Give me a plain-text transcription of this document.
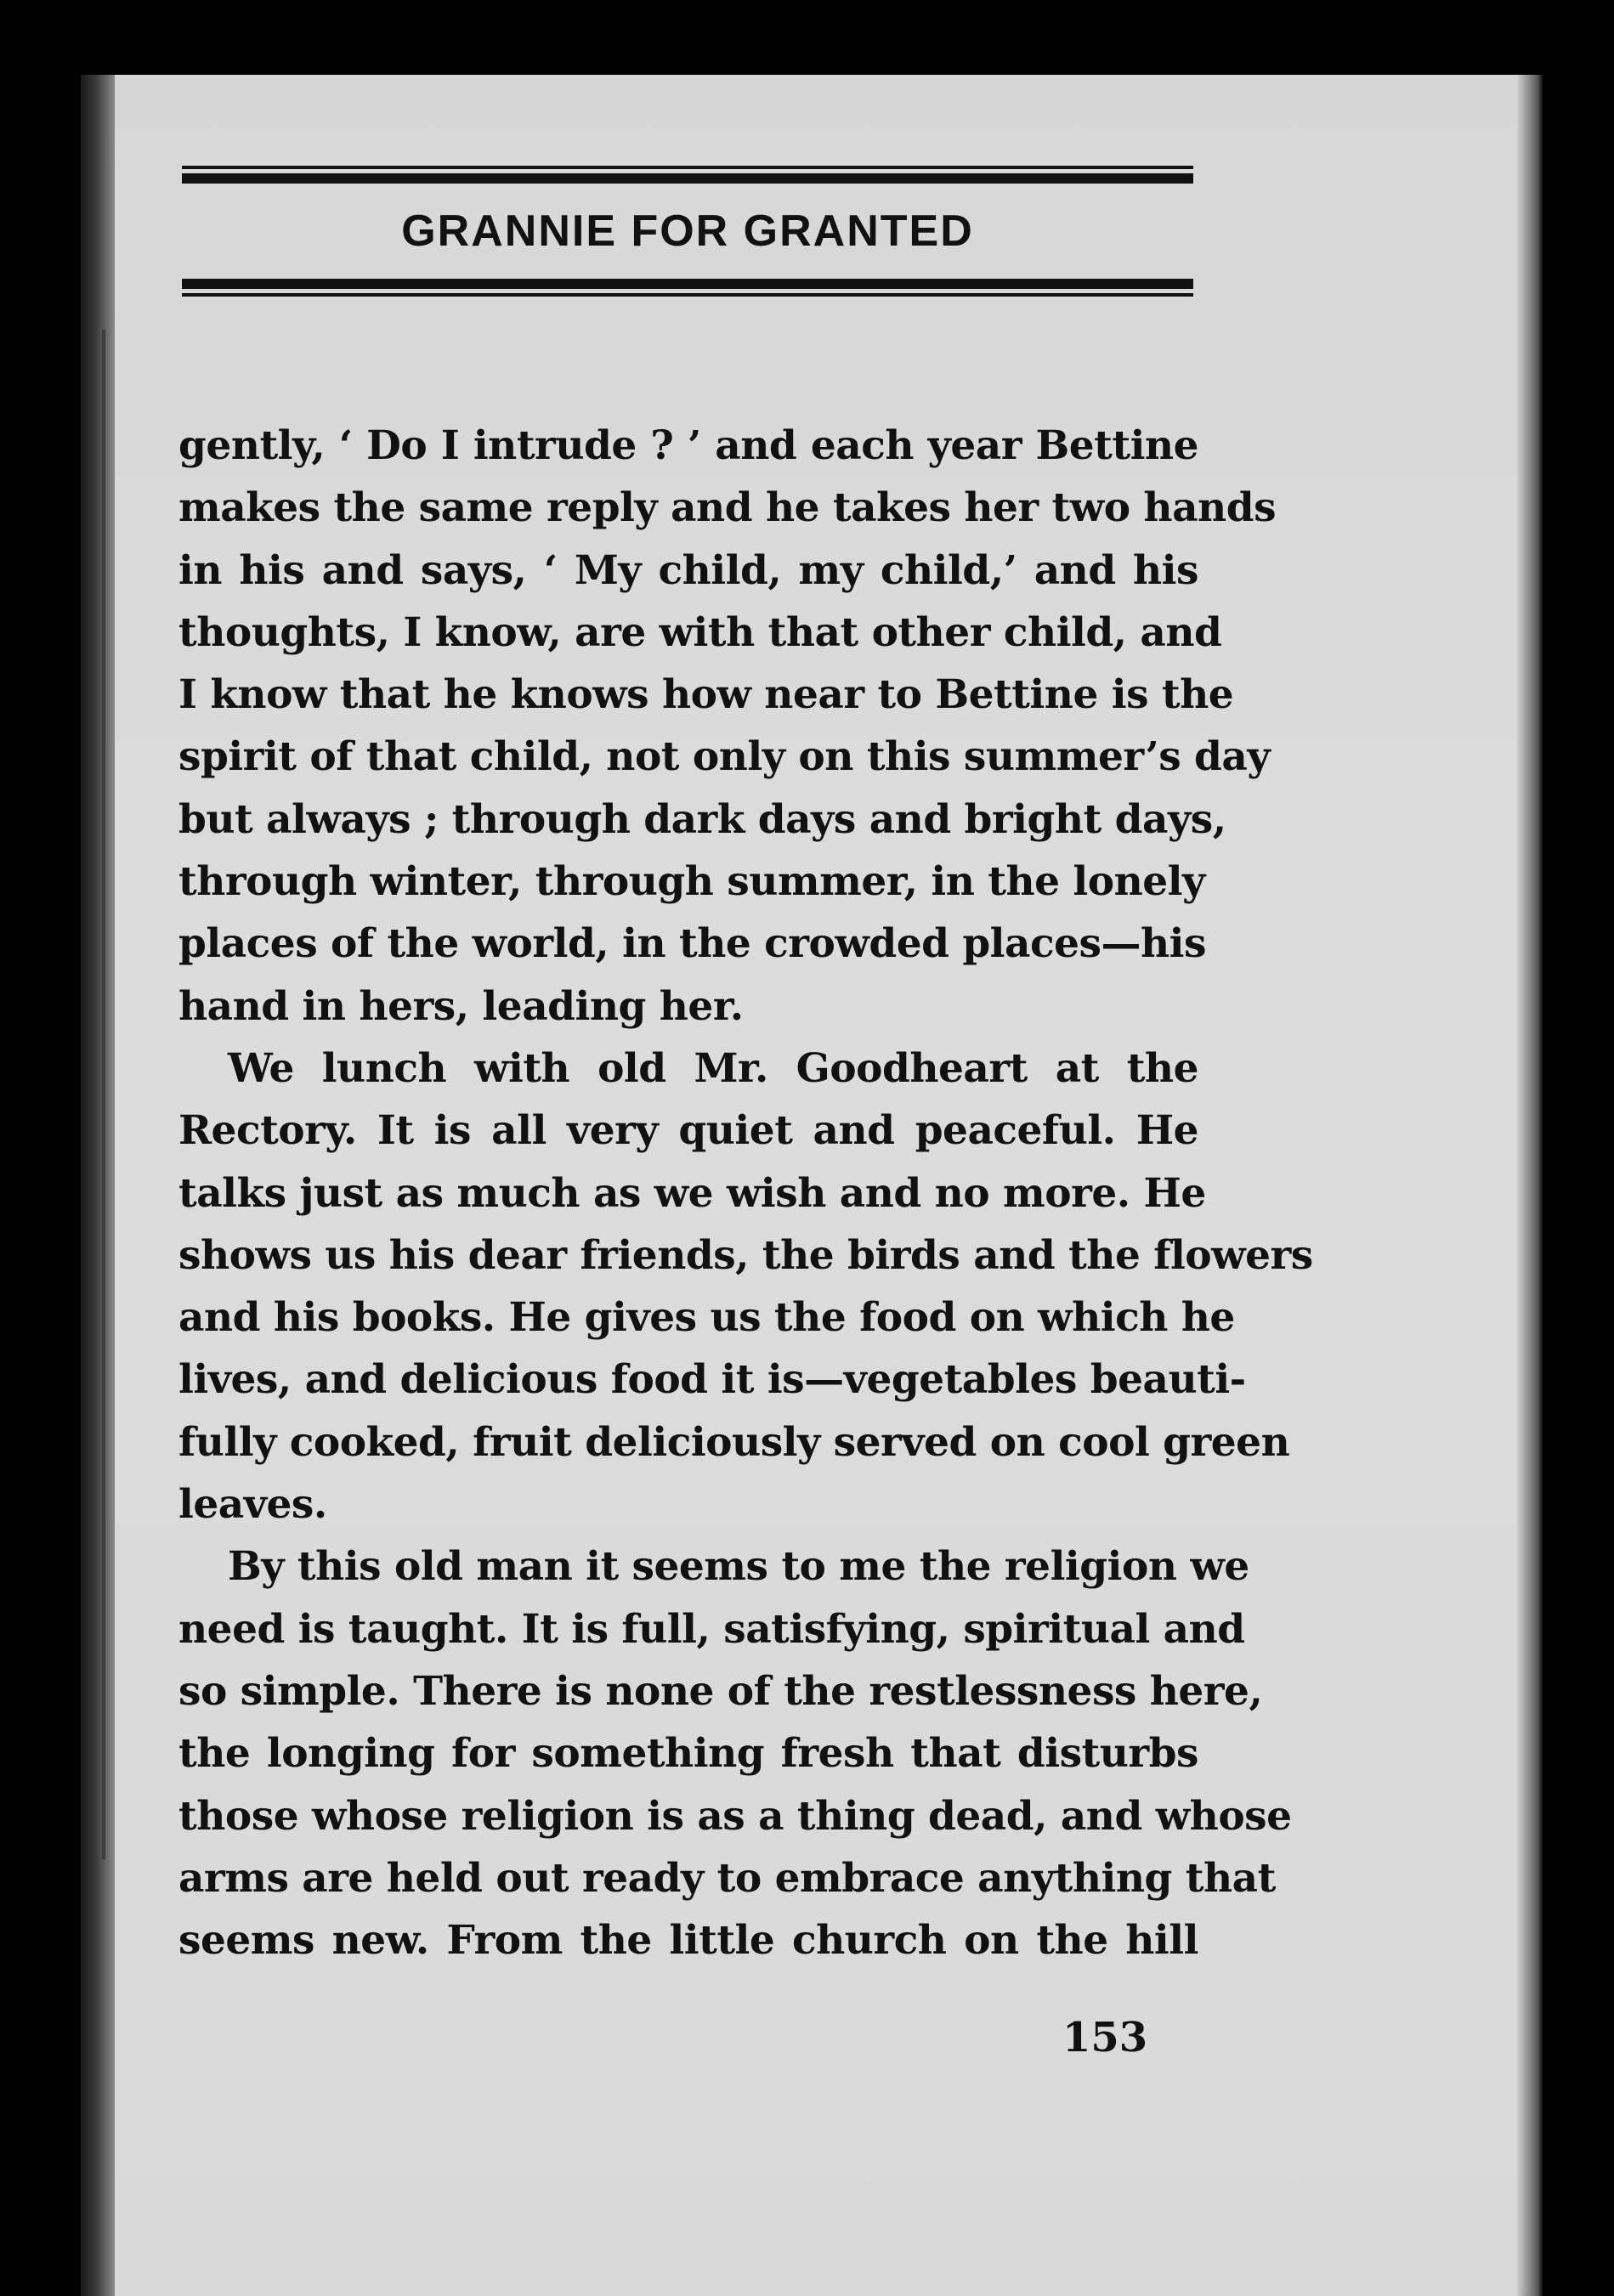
GRANNIE FOR GRANTED
gently, ‘ Do I intrude ? ’ and each year Bettine
makes the same reply and he takes her two hands
in his and says, ‘ My child, my child,’ and his
thoughts, I know, are with that other child, and
I know that he knows how near to Bettine is the
spirit of that child, not only on this summer’s day
but always ; through dark days and bright days,
through winter, through summer, in the lonely
places of the world, in the crowded places—his
hand in hers, leading her.
We lunch with old Mr. Goodheart at the
Rectory. It is all very quiet and peaceful. He
talks just as much as we wish and no more. He
shows us his dear friends, the birds and the flowers
and his books. He gives us the food on which he
lives, and delicious food it is—vegetables beauti-
fully cooked, fruit deliciously served on cool green
leaves.
By this old man it seems to me the religion we
need is taught. It is full, satisfying, spiritual and
so simple. There is none of the restlessness here,
the longing for something fresh that disturbs
those whose religion is as a thing dead, and whose
arms are held out ready to embrace anything that
seems new. From the little church on the hill
153
